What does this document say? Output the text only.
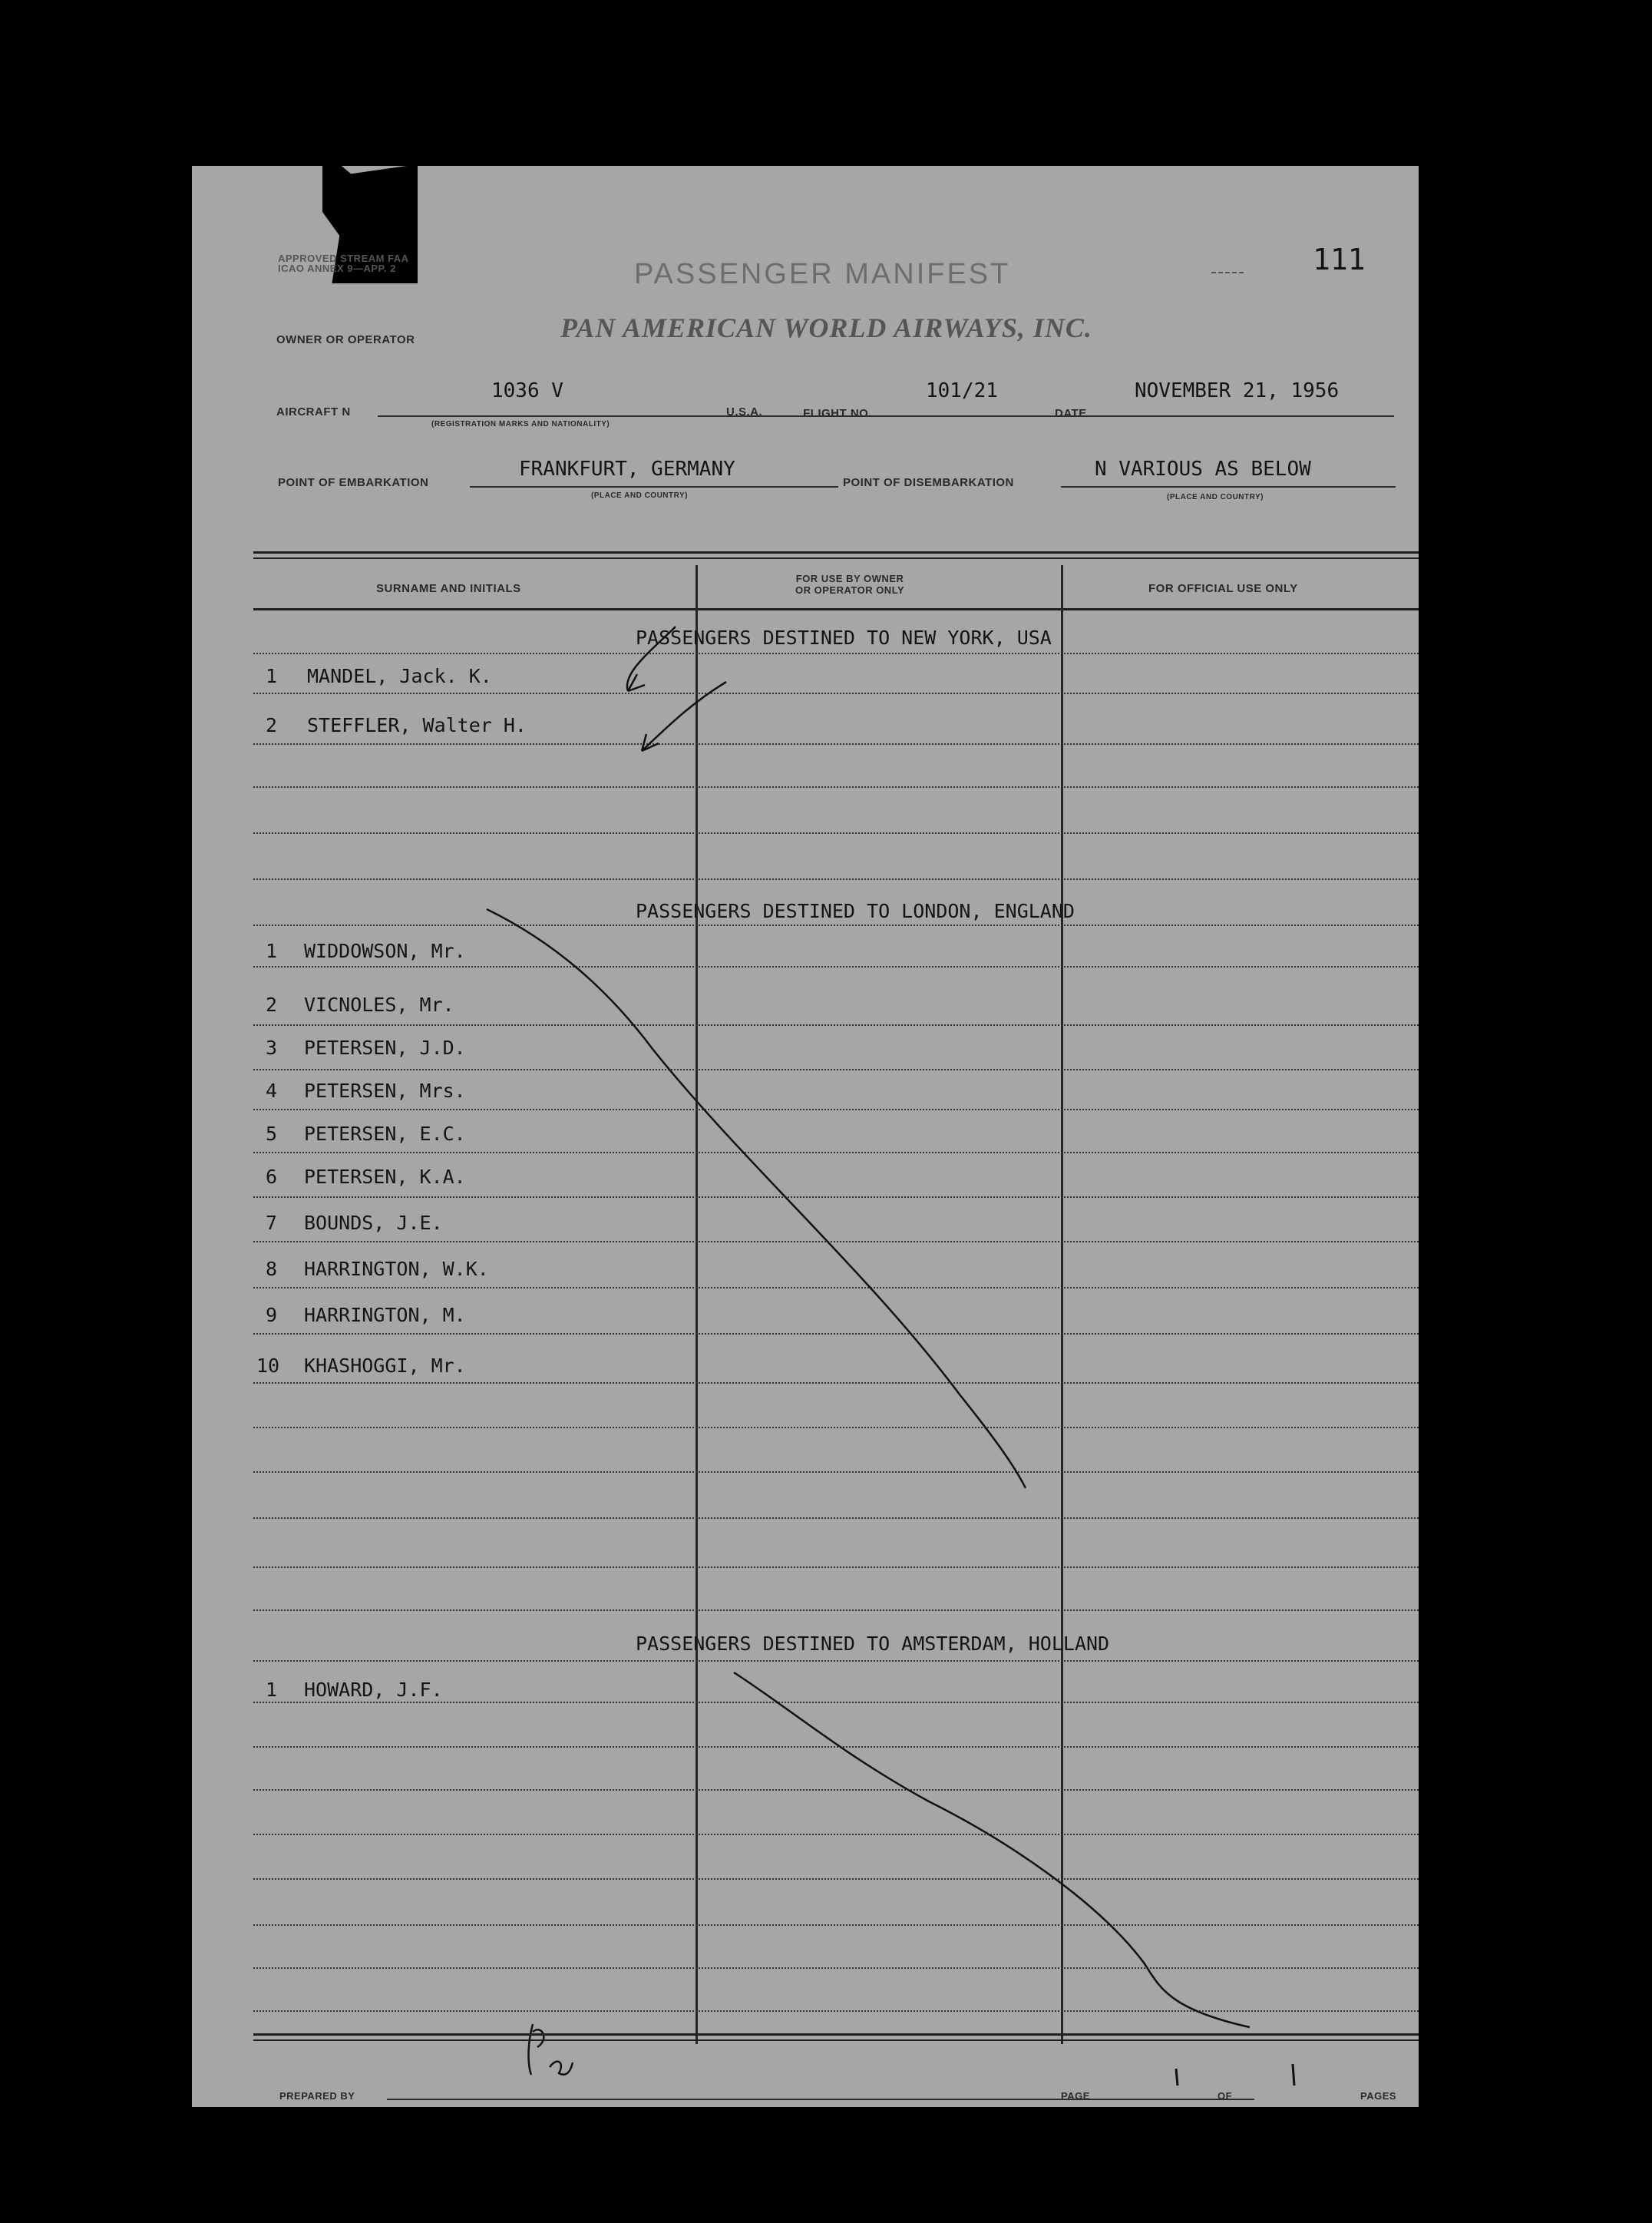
APPROVED STREAM FAA
ICAO ANNEX 9—APP. 2	PASSENGER MANIFEST	111
OWNER OR OPERATOR	PAN AMERICAN WORLD AIRWAYS, INC.
AIRCRAFT N
1036 V
(REGISTRATION MARKS AND NATIONALITY)
U.S.A.	FLIGHT NO.
101/21
DATE
NOVEMBER 21, 1956
POINT OF EMBARKATION
FRANKFURT, GERMANY
(PLACE AND COUNTRY)
POINT OF DISEMBARKATION
N VARIOUS AS BELOW
(PLACE AND COUNTRY)
SURNAME AND INITIALS
FOR USE BY OWNER
OR OPERATOR ONLY	FOR OFFICIAL USE ONLY
PASSENGERS DESTINED TO NEW YORK, USA
PASSENGERS DESTINED TO LONDON, ENGLAND
PASSENGERS DESTINED TO AMSTERDAM, HOLLAND
1 MANDEL, Jack. K.
2 STEFFLER, Walter H.
1 WIDDOWSON, Mr.
2 VICNOLES, Mr.
3 PETERSEN, J.D.
4 PETERSEN, Mrs.
5 PETERSEN, E.C.
6 PETERSEN, K.A.
7 BOUNDS, J.E.
8 HARRINGTON, W.K.
9 HARRINGTON, M.
10 KHASHOGGI, Mr.
1 HOWARD, J.F.
PREPARED BY	PAGE	OF	PAGES
